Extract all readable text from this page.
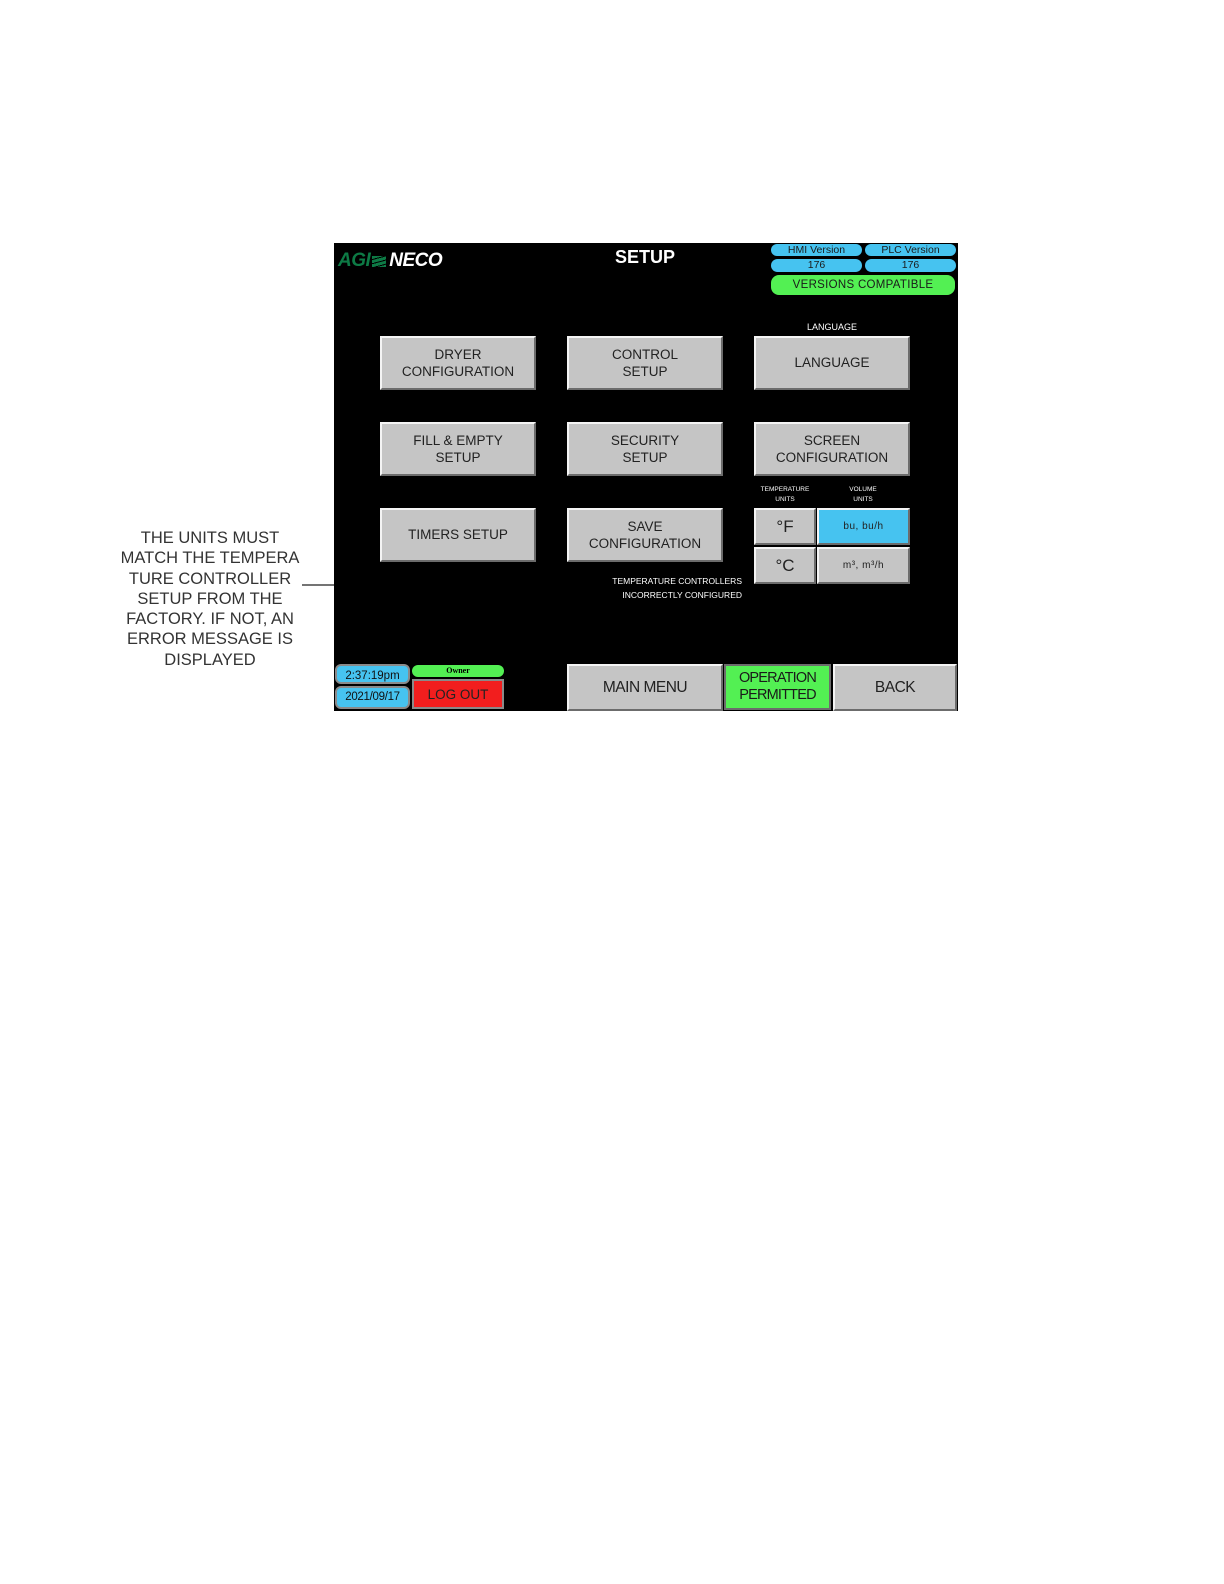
THE UNITS MUST
MATCH THE TEMPERA
TURE CONTROLLER
SETUP FROM THE
FACTORY. IF NOT, AN
ERROR MESSAGE IS
DISPLAYED
AGI NECO	SETUP	HMI Version	PLC Version
176	176
VERSIONS COMPATIBLE
LANGUAGE
DRYER
CONFIGURATION
CONTROL
SETUP
LANGUAGE
FILL & EMPTY
SETUP
SECURITY
SETUP
SCREEN
CONFIGURATION
TIMERS SETUP
SAVE
CONFIGURATION
TEMPERATURE
UNITS
VOLUME
UNITS
°F	bu, bu/h
°C	m³, m³/h
TEMPERATURE CONTROLLERS
INCORRECTLY CONFIGURED
2:37:19pm
2021/09/17
Owner
LOG OUT	MAIN MENU
OPERATION
PERMITTED	BACK
